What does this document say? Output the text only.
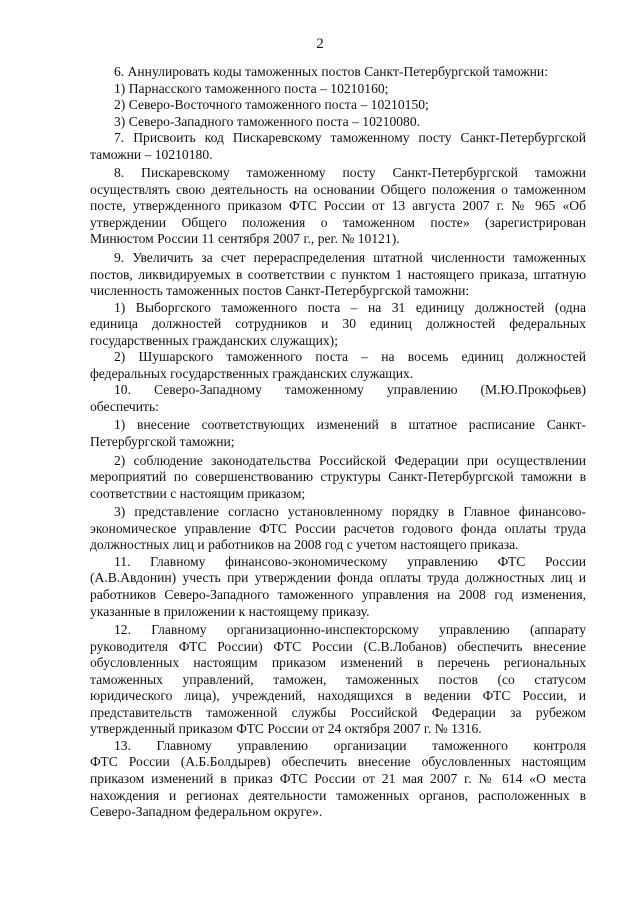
2
6. Аннулировать коды таможенных постов Санкт-Петербургской таможни:
1) Парнасского таможенного поста – 10210160;
2) Северо-Восточного таможенного поста – 10210150;
3) Северо-Западного таможенного поста – 10210080.
7. Присвоить код Пискаревскому таможенному посту Санкт-Петербургской
таможни – 10210180.
8. Пискаревскому таможенному посту Санкт-Петербургской таможни
осуществлять свою деятельность на основании Общего положения о таможенном
посте, утвержденного приказом ФТС России от 13 августа 2007 г. № 965 «Об
утверждении Общего положения о таможенном посте» (зарегистрирован
Минюстом России 11 сентября 2007 г., рег. № 10121).
9. Увеличить за счет перераспределения штатной численности таможенных
постов, ликвидируемых в соответствии с пунктом 1 настоящего приказа, штатную
численность таможенных постов Санкт-Петербургской таможни:
1) Выборгского таможенного поста – на 31 единицу должностей (одна
единица должностей сотрудников и 30 единиц должностей федеральных
государственных гражданских служащих);
2) Шушарского таможенного поста – на восемь единиц должностей
федеральных государственных гражданских служащих.
10. Северо-Западному таможенному управлению (М.Ю.Прокофьев)
обеспечить:
1) внесение соответствующих изменений в штатное расписание Санкт-
Петербургской таможни;
2) соблюдение законодательства Российской Федерации при осуществлении
мероприятий по совершенствованию структуры Санкт-Петербургской таможни в
соответствии с настоящим приказом;
3) представление согласно установленному порядку в Главное финансово-
экономическое управление ФТС России расчетов годового фонда оплаты труда
должностных лиц и работников на 2008 год с учетом настоящего приказа.
11. Главному финансово-экономическому управлению ФТС России
(А.В.Авдонин) учесть при утверждении фонда оплаты труда должностных лиц и
работников Северо-Западного таможенного управления на 2008 год изменения,
указанные в приложении к настоящему приказу.
12. Главному организационно-инспекторскому управлению (аппарату
руководителя ФТС России) ФТС России (С.В.Лобанов) обеспечить внесение
обусловленных настоящим приказом изменений в перечень региональных
таможенных управлений, таможен, таможенных постов (со статусом
юридического лица), учреждений, находящихся в ведении ФТС России, и
представительств таможенной службы Российской Федерации за рубежом
утвержденный приказом ФТС России от 24 октября 2007 г. № 1316.
13. Главному управлению организации таможенного контроля
ФТС России (А.Б.Болдырев) обеспечить внесение обусловленных настоящим
приказом изменений в приказ ФТС России от 21 мая 2007 г. № 614 «О места
нахождения и регионах деятельности таможенных органов, расположенных в
Северо-Западном федеральном округе».
